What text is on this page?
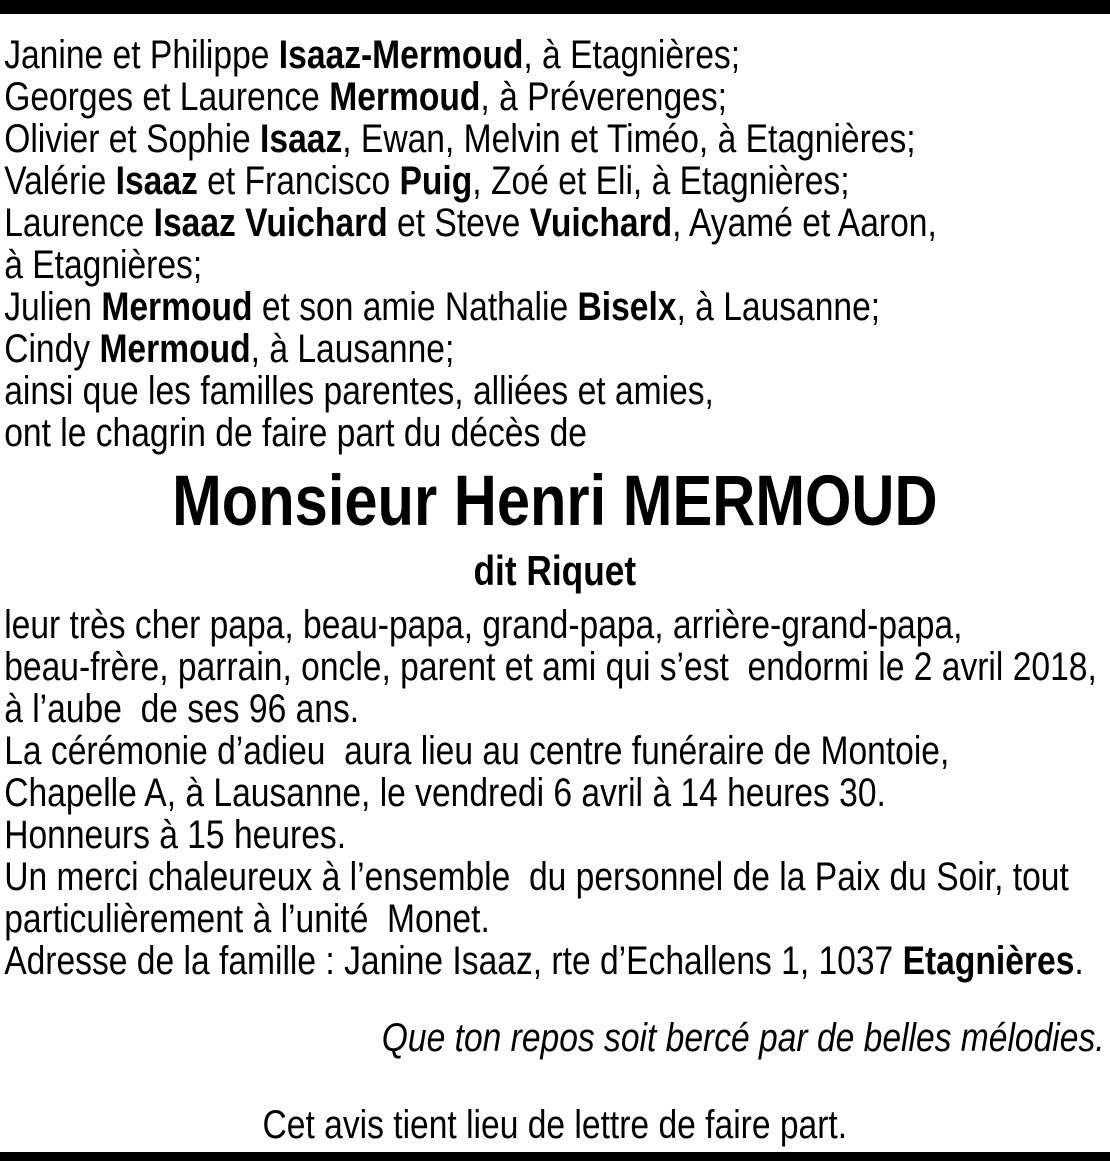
Janine et Philippe Isaaz-Mermoud, à Etagnières;
Georges et Laurence Mermoud, à Préverenges;
Olivier et Sophie Isaaz, Ewan, Melvin et Timéo, à Etagnières;
Valérie Isaaz et Francisco Puig, Zoé et Eli, à Etagnières;
Laurence Isaaz Vuichard et Steve Vuichard, Ayamé et Aaron,
à Etagnières;
Julien Mermoud et son amie Nathalie Biselx, à Lausanne;
Cindy Mermoud, à Lausanne;
ainsi que les familles parentes, alliées et amies,
ont le chagrin de faire part du décès de
Monsieur Henri MERMOUD
dit Riquet
leur très cher papa, beau-papa, grand-papa, arrière-grand-papa,
beau-frère, parrain, oncle, parent et ami qui s’est  endormi le 2 avril 2018,
à l’aube  de ses 96 ans.
La cérémonie d’adieu  aura lieu au centre funéraire de Montoie,
Chapelle A, à Lausanne, le vendredi 6 avril à 14 heures 30.
Honneurs à 15 heures.
Un merci chaleureux à l’ensemble  du personnel de la Paix du Soir, tout
particulièrement à l’unité  Monet.
Adresse de la famille : Janine Isaaz, rte d’Echallens 1, 1037 Etagnières.
Que ton repos soit bercé par de belles mélodies.
Cet avis tient lieu de lettre de faire part.
